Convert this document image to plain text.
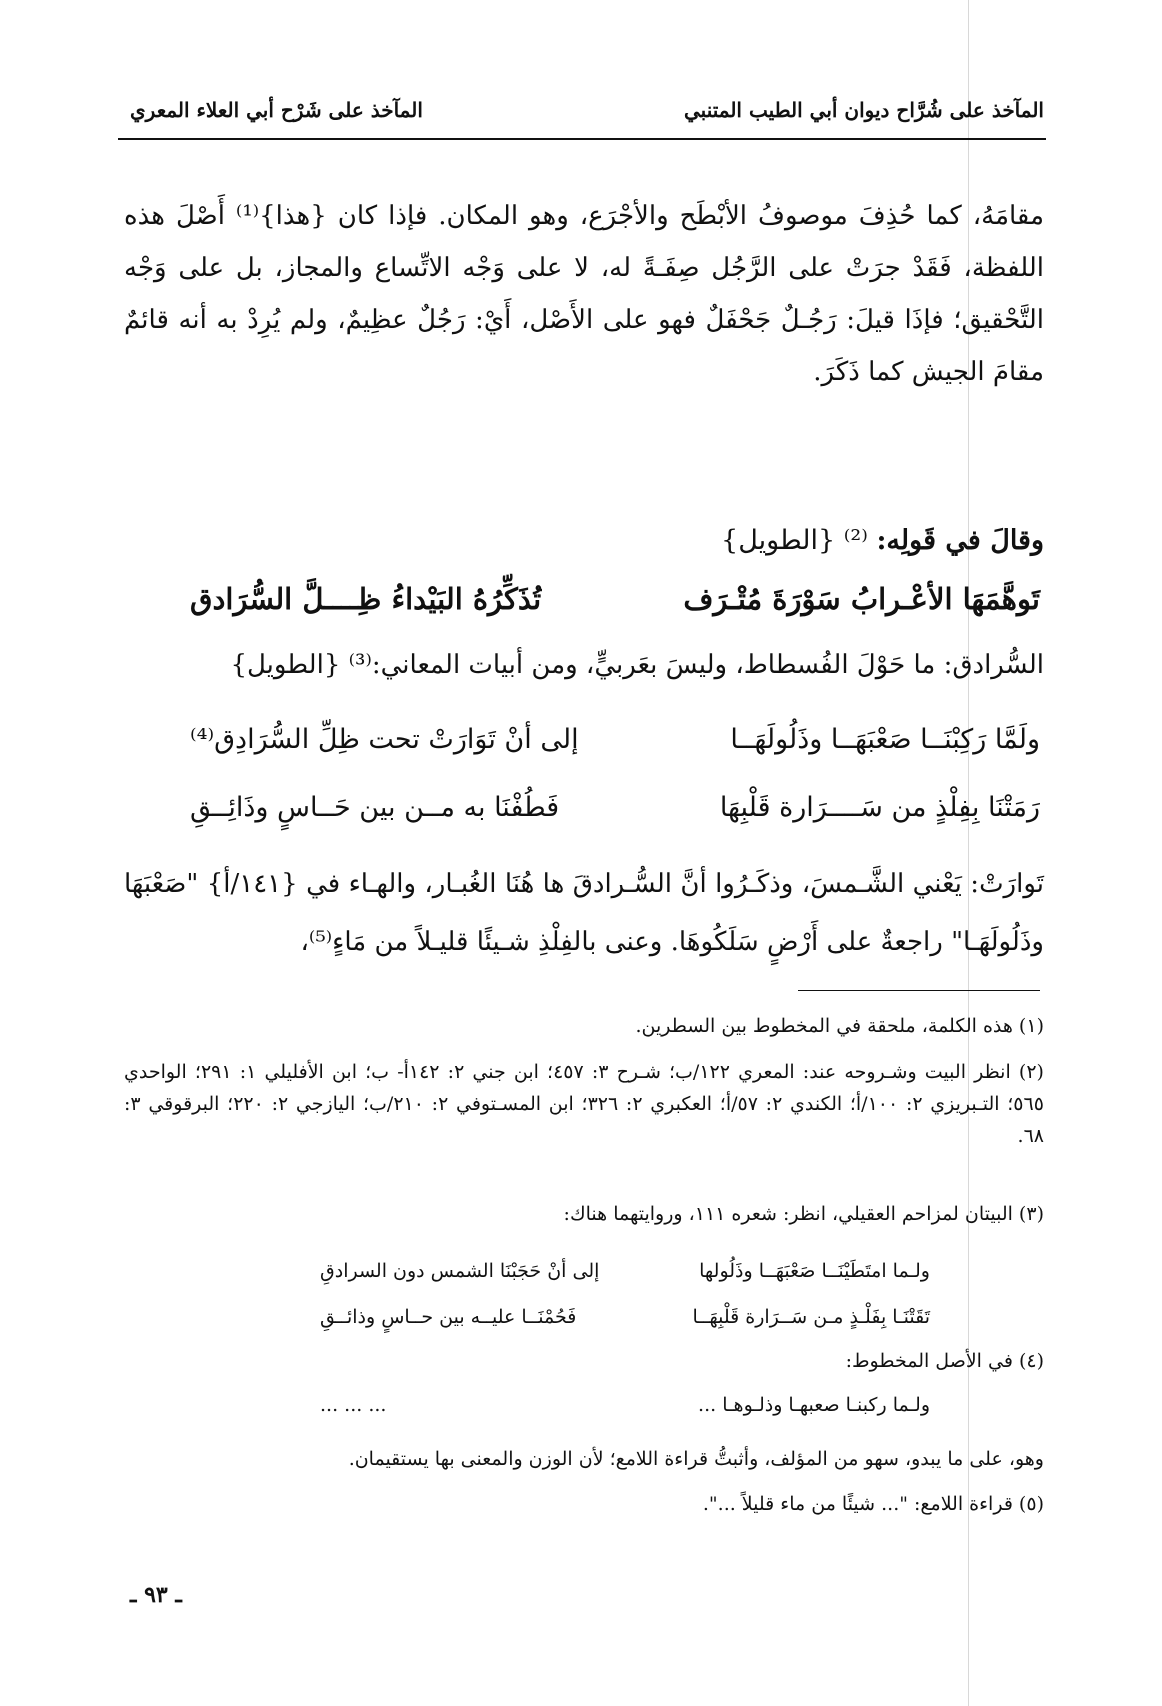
المآخذ على شُرَّاح ديوان أبي الطيب المتنبي
المآخذ على شَرْح أبي العلاء المعري
مقامَهُ، كما حُذِفَ موصوفُ الأبْطَح والأجْرَع، وهو المكان. فإذا كان {هذا}⁽¹⁾ أَصْلَ هذه اللفظة، فَقَدْ جرَتْ على الرَّجُل صِفَـةً له، لا على وَجْه الاتِّساع والمجاز، بل على وَجْه التَّحْقيق؛ فإذَا قيلَ: رَجُـلٌ جَحْفَلٌ فهو على الأَصْل، أَيْ: رَجُلٌ عظِيمٌ، ولم يُرِدْ به أنه قائمٌ مقامَ الجيش كما ذَكَرَ.
وقالَ في قَولِه: ⁽²⁾ {الطويل}
تَوهَّمَهَا الأعْـرابُ سَوْرَةَ مُتْـرَف
تُذَكِّرُهُ البَيْداءُ ظِــــلَّ السُّرَادق
السُّرادق: ما حَوْلَ الفُسطاط، وليسَ بعَربيٍّ، ومن أبيات المعاني:⁽³⁾ {الطويل}
ولَمَّا رَكِبْنَــا صَعْبَهَــا وذَلُولَهَــا
إلى أنْ تَوَارَتْ تحت ظِلِّ السُّرَادِق⁽⁴⁾
رَمَتْنَا بِفِلْذٍ من سَــــرَارة قَلْبِهَا
فَطُفْنَا به مــن بين حَــاسٍ وذَائِــقِ
تَوارَتْ: يَعْني الشَّـمسَ، وذكَـرُوا أنَّ السُّـرادقَ ها هُنَا الغُبـار، والهـاء في {١٤١/أ} "صَعْبَهَا وذَلُولَهَـا" راجعةٌ على أَرْضٍ سَلَكُوهَا. وعنى بالفِلْذِ شـيئًا قليـلاً من مَاءٍ⁽⁵⁾،
(١) هذه الكلمة، ملحقة في المخطوط بين السطرين.
(٢) انظر البيت وشـروحه عند: المعري ١٢٢/ب؛ شـرح ٣: ٤٥٧؛ ابن جني ٢: ١٤٢أ- ب؛ ابن الأفليلي ١: ٢٩١؛ الواحدي ٥٦٥؛ التـبريزي ٢: ١٠٠/أ؛ الكندي ٢: ٥٧/أ؛ العكبري ٢: ٣٢٦؛ ابن المسـتوفي ٢: ٢١٠/ب؛ اليازجي ٢: ٢٢٠؛ البرقوقي ٣: ٦٨.
(٣) البيتان لمزاحم العقيلي، انظر: شعره ١١١، وروايتهما هناك:
ولـما امتَطَيْنَــا صَعْبَهَــا وذَلُولها
إلى أنْ حَجَبْنَا الشمس دون السرادقِ
تَقَتْنَـا بِفَلْـذٍ مـن سَــرَارة قَلْبِهَــا
فَحُمْنَــا عليــه بين حــاسٍ وذائــقِ
(٤) في الأصل المخطوط:
ولـما ركبنـا صعبهـا وذلـوهـا ...
... ... ...
وهو، على ما يبدو، سهو من المؤلف، وأثبتُّ قراءة اللامع؛ لأن الوزن والمعنى بها يستقيمان.
(٥) قراءة اللامع: "... شيئًا من ماء قليلاً ...".
ـ ٩٣ ـ
